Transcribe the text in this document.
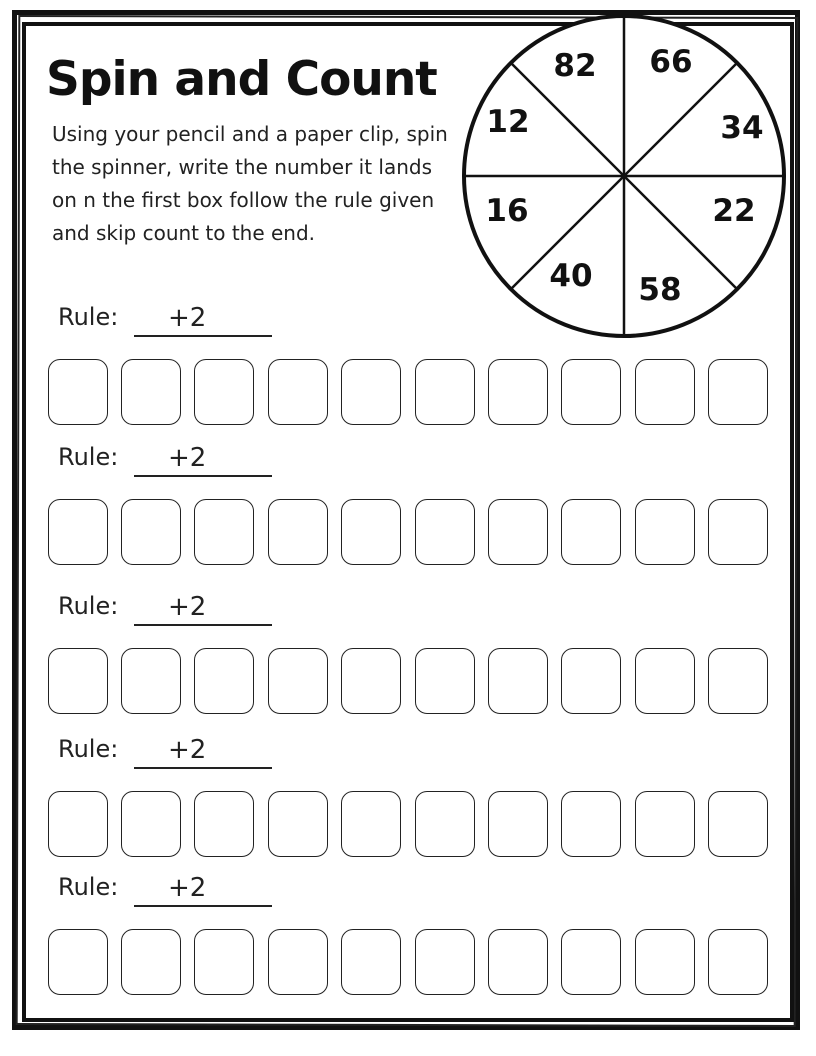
Spin and Count

Using your pencil and a paper clip, spin the spinner, write the number it lands on n the first box follow the rule given and skip count to the end.

82 66
34
22
58
40
16
12
Rule: +2
Rule: +2
Rule: +2
Rule: +2
Rule: +2
